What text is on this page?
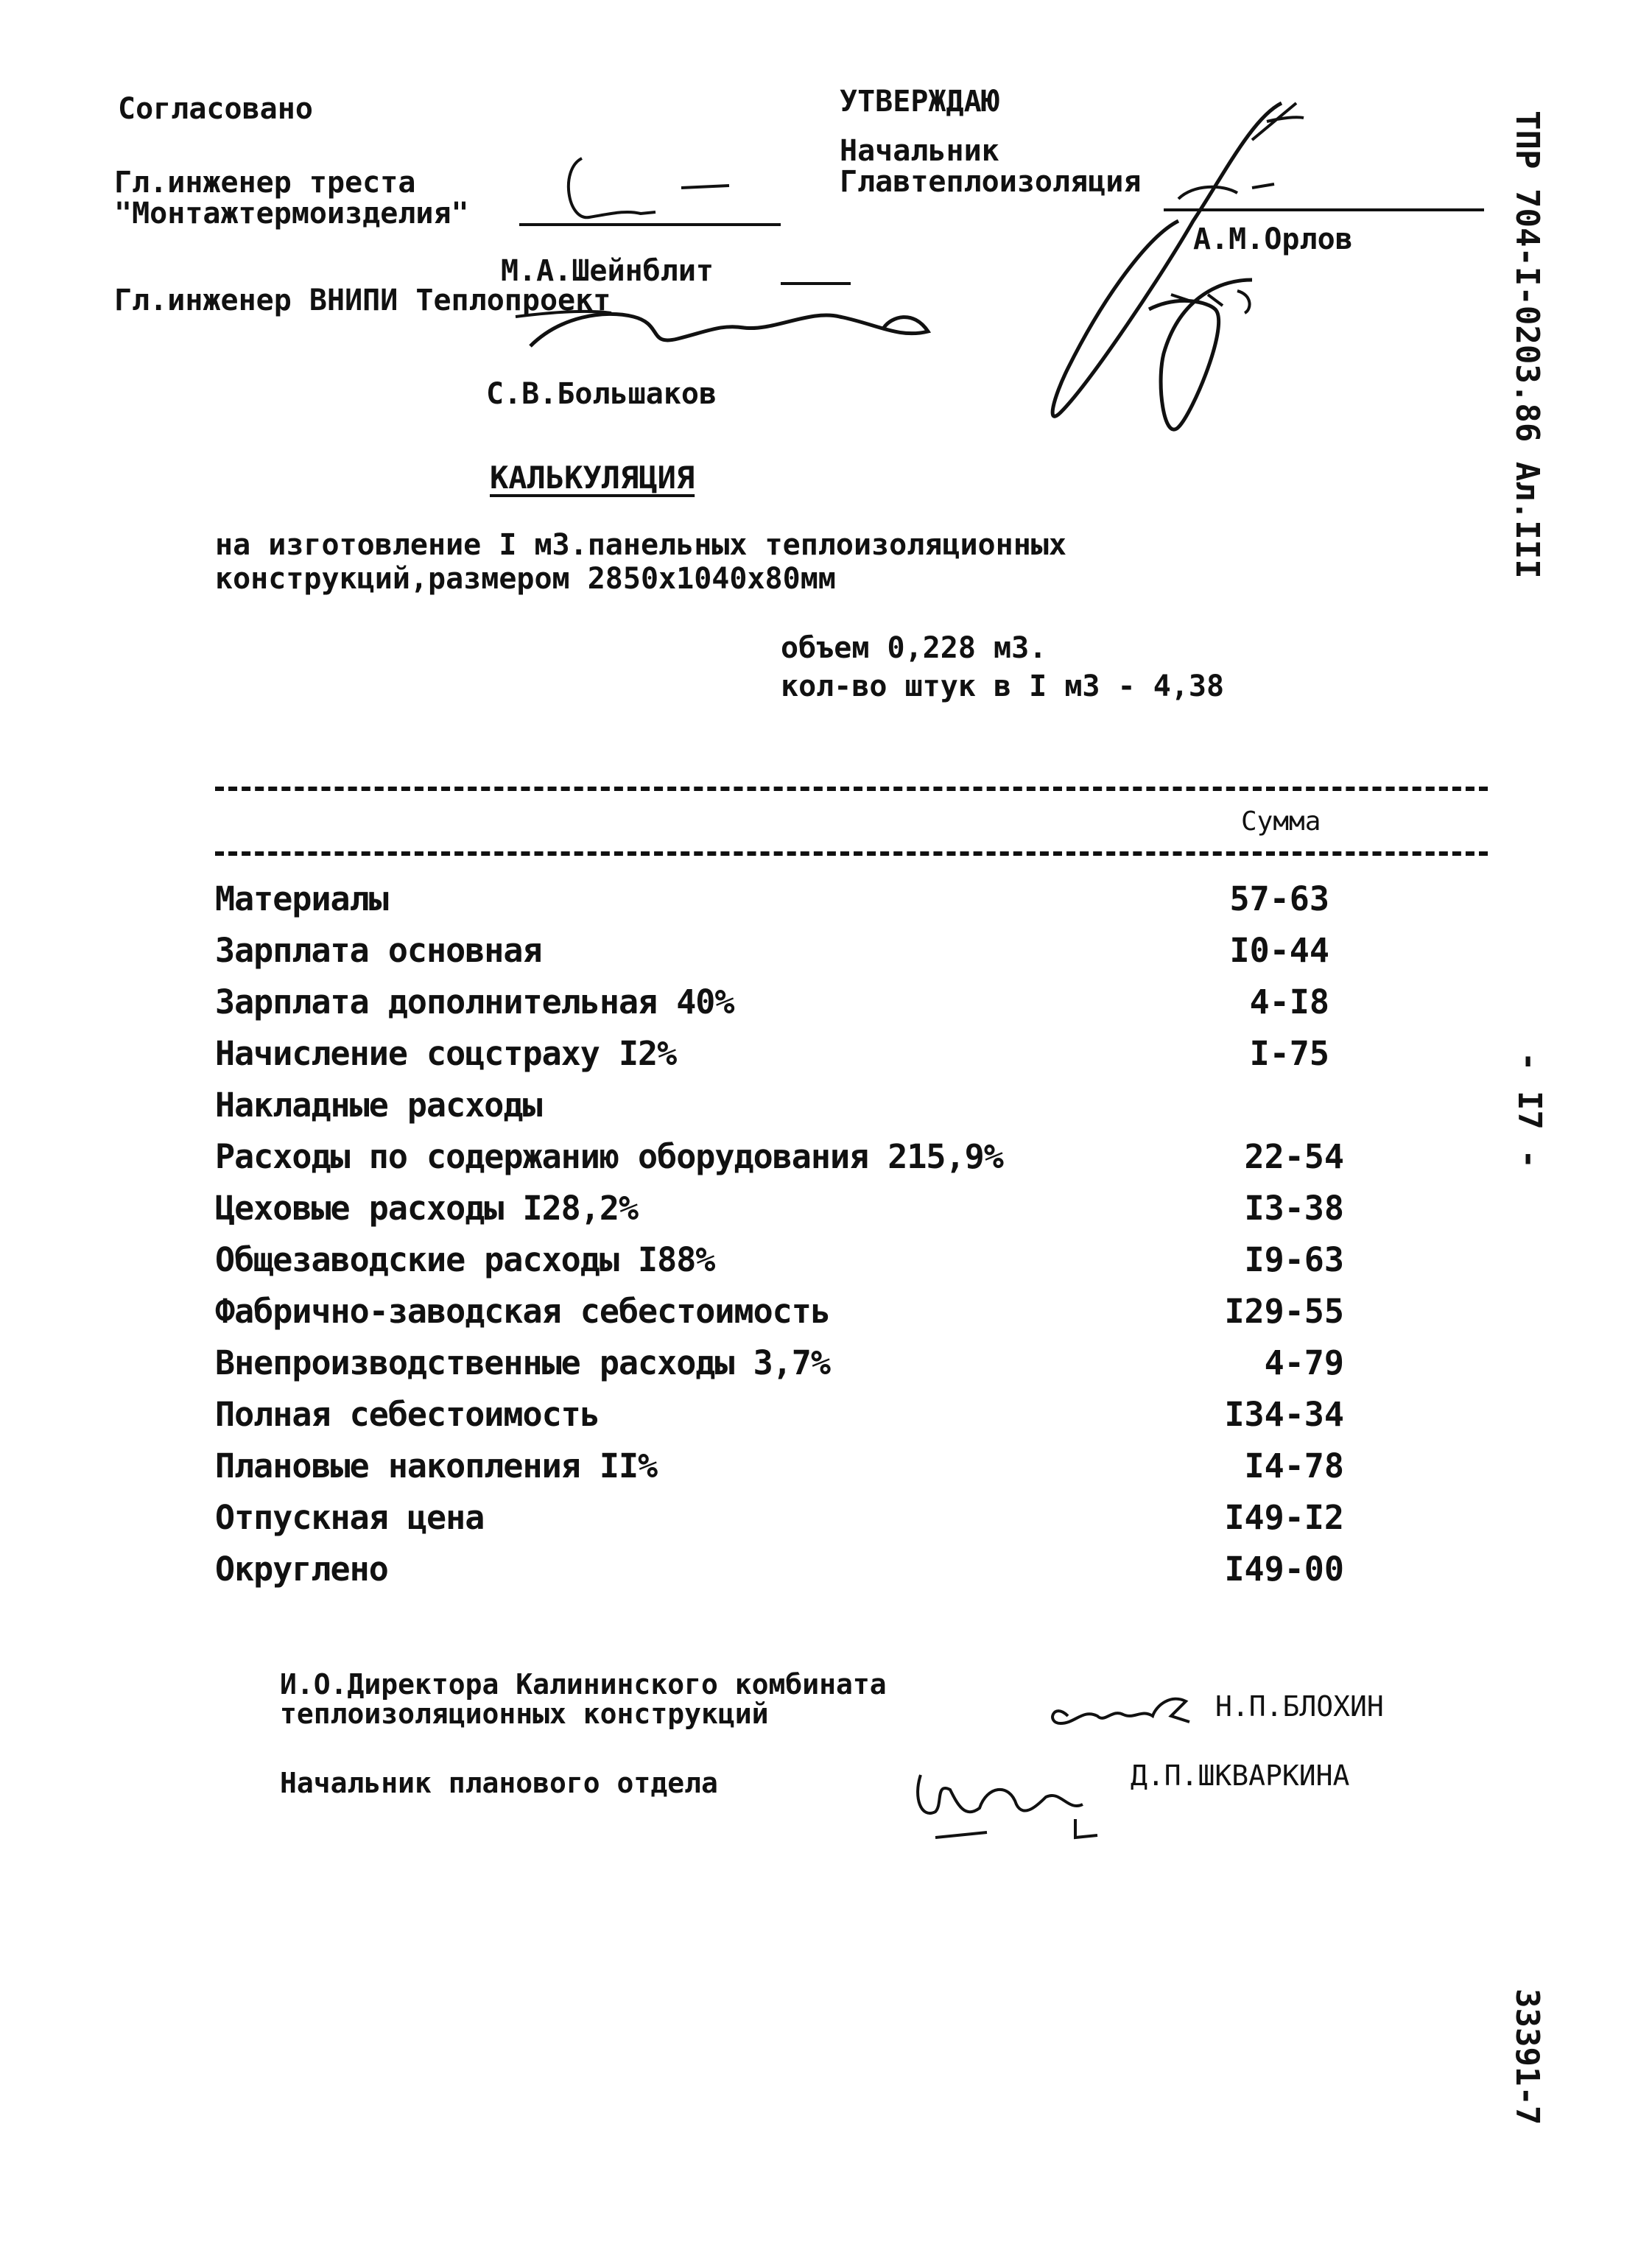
Согласовано
Гл.инженер треста
"Монтажтермоизделия"
М.А.Шейнблит
Гл.инженер ВНИПИ Теплопроект
С.В.Большаков
УТВЕРЖДАЮ
Начальник
Главтеплоизоляция
А.М.Орлов
КАЛЬКУЛЯЦИЯ
на изготовление I м3.панельных теплоизоляционных
конструкций,размером 2850х1040х80мм
объем 0,228 м3.
кол-во штук в I м3 - 4,38
Сумма
Материалы	57-63
Зарплата основная	I0-44
Зарплата дополнительная 40%	4-I8
Начисление соцстраху I2%	I-75
Накладные расходы
Расходы по содержанию оборудования 215,9%	22-54
Цеховые расходы I28,2%	I3-38
Общезаводские расходы I88%	I9-63
Фабрично-заводская себестоимость	I29-55
Внепроизводственные расходы 3,7%	4-79
Полная себестоимость	I34-34
Плановые накопления II%	I4-78
Отпускная цена	I49-I2
Округлено	I49-00
И.О.Директора Калининского комбината
теплоизоляционных конструкций	Н.П.БЛОХИН
Начальник планового отдела	Д.П.ШКВАРКИНА
ТПР 704-I-0203.86 Ал.III
- I7 -
33391-7
